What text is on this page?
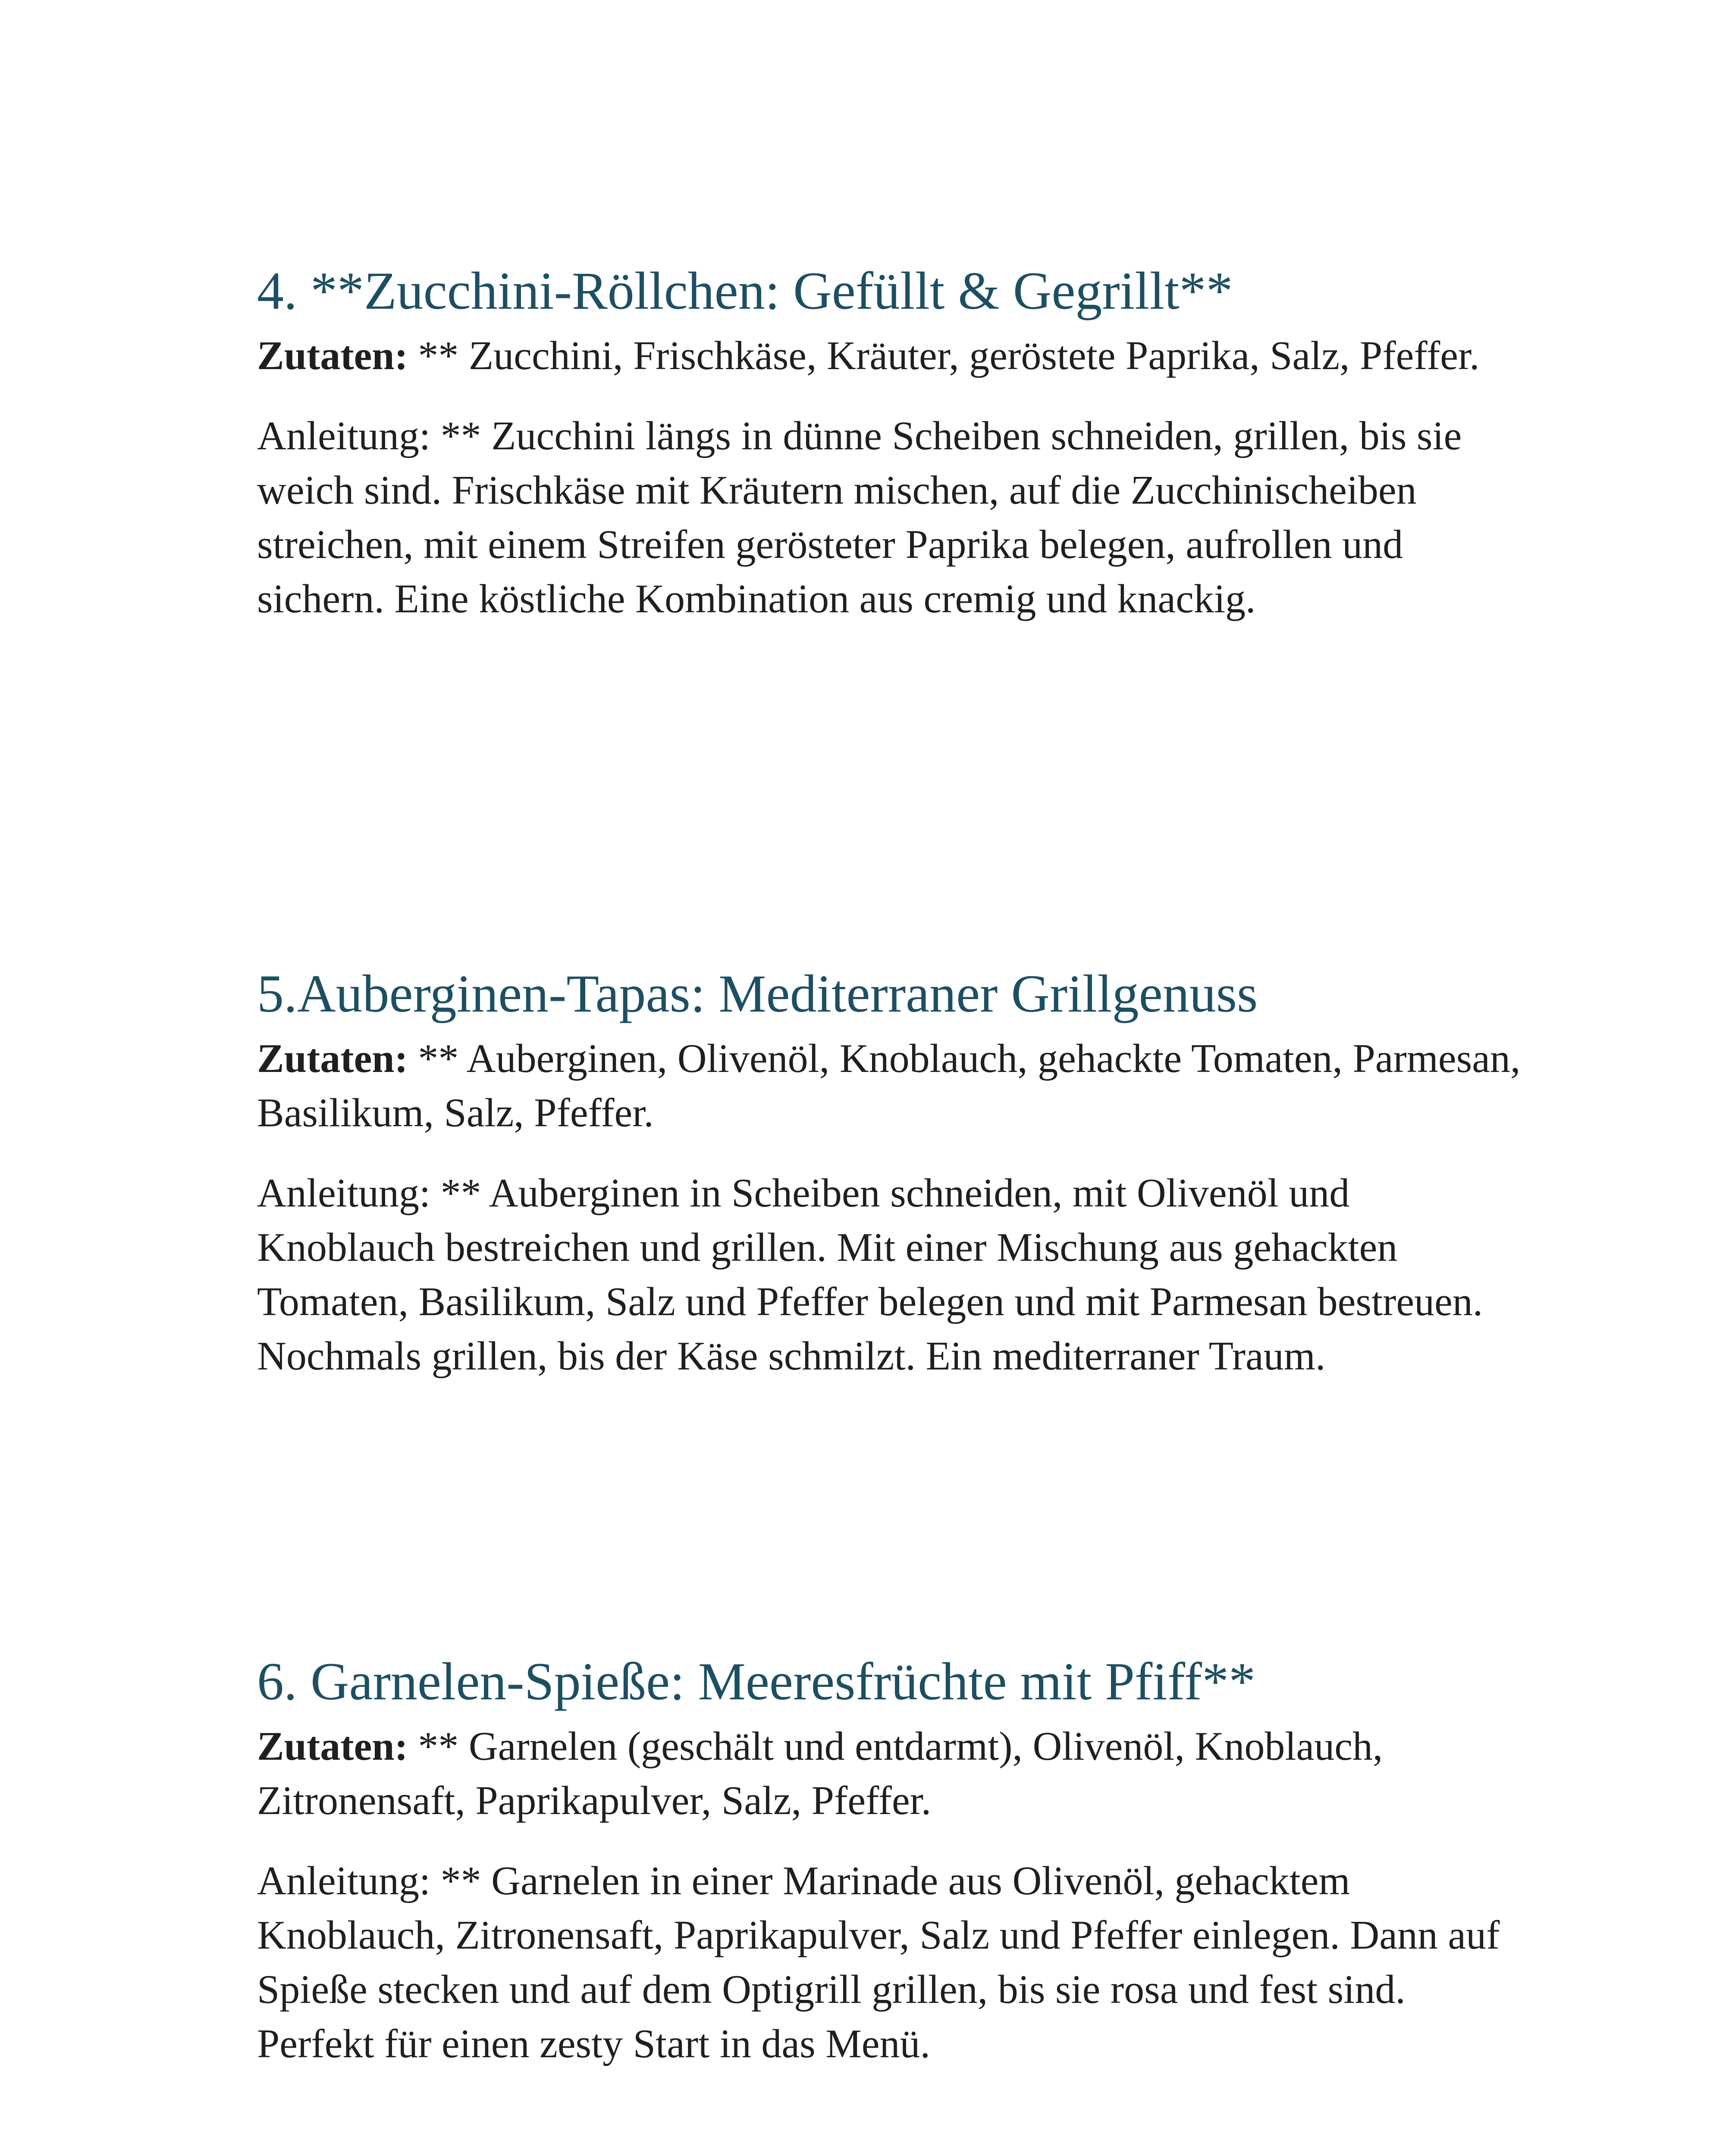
4. **Zucchini-Röllchen: Gefüllt & Gegrillt**

Zutaten: ** Zucchini, Frischkäse, Kräuter, geröstete Paprika, Salz, Pfeffer.

Anleitung: ** Zucchini längs in dünne Scheiben schneiden, grillen, bis sie weich sind. Frischkäse mit Kräutern mischen, auf die Zucchinischeiben streichen, mit einem Streifen gerösteter Paprika belegen, aufrollen und sichern. Eine köstliche Kombination aus cremig und knackig.

5.Auberginen-Tapas: Mediterraner Grillgenuss

Zutaten: ** Auberginen, Olivenöl, Knoblauch, gehackte Tomaten, Parmesan, Basilikum, Salz, Pfeffer.

Anleitung: ** Auberginen in Scheiben schneiden, mit Olivenöl und Knoblauch bestreichen und grillen. Mit einer Mischung aus gehackten Tomaten, Basilikum, Salz und Pfeffer belegen und mit Parmesan bestreuen. Nochmals grillen, bis der Käse schmilzt. Ein mediterraner Traum.

6. Garnelen-Spieße: Meeresfrüchte mit Pfiff**

Zutaten: ** Garnelen (geschält und entdarmt), Olivenöl, Knoblauch, Zitronensaft, Paprikapulver, Salz, Pfeffer.

Anleitung: ** Garnelen in einer Marinade aus Olivenöl, gehacktem Knoblauch, Zitronensaft, Paprikapulver, Salz und Pfeffer einlegen. Dann auf Spieße stecken und auf dem Optigrill grillen, bis sie rosa und fest sind. Perfekt für einen zesty Start in das Menü.
